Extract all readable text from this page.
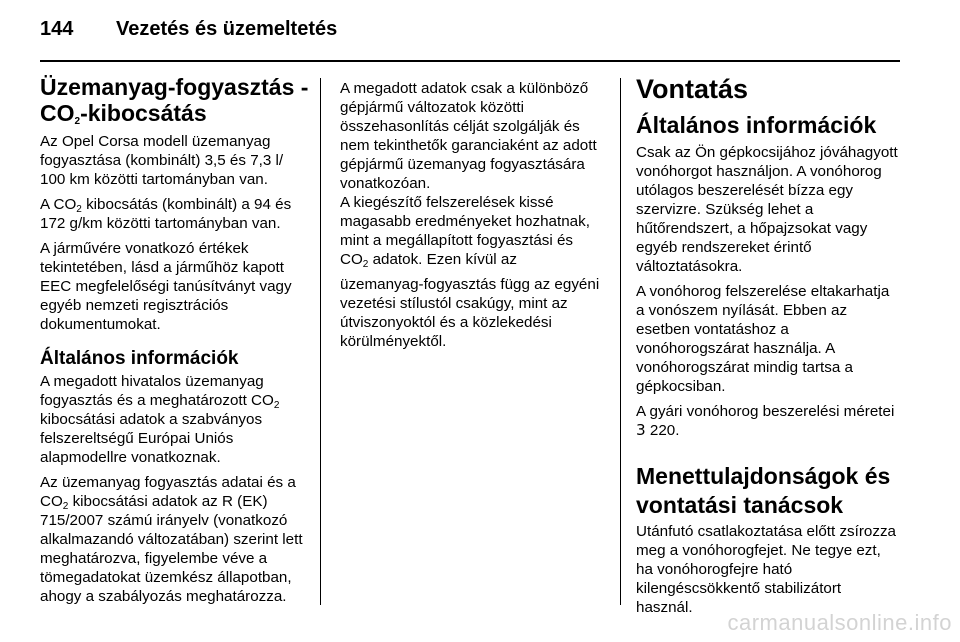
144 Vezetés és üzemeltetés
Üzemanyag-fogyasztás -
$CO_2$-kibocsátás

Az Opel Corsa modell üzemanyag fogyasztása (kombinált) 3,5 és 7,3 l/ 100 km közötti tartományban van.

A $CO_2$ kibocsátás (kombinált) a 94 és 172 g/km közötti tartományban van.

A járművére vonatkozó értékek tekintetében, lásd a járműhöz kapott EEC megfelelőségi tanúsítványt vagy egyéb nemzeti regisztrációs dokumentumokat.

Általános információk

A megadott hivatalos üzemanyag fogyasztás és a meghatározott $CO_2$ kibocsátási adatok a szabványos felszereltségű Európai Uniós alapmodellre vonatkoznak.

Az üzemanyag fogyasztás adatai és a $CO_2$ kibocsátási adatok az R (EK) 715/2007 számú irányelv (vonatkozó alkalmazandó változatában) szerint lett meghatározva, figyelembe véve a tömegadatokat üzemkész állapotban, ahogy a szabályozás meghatározza.

A megadott adatok csak a különböző gépjármű változatok közötti összehasonlítás célját szolgálják és nem tekinthetők garanciaként az adott gépjármű üzemanyag fogyasztására vonatkozóan.

A kiegészítő felszerelések kissé magasabb eredményeket hozhatnak, mint a megállapított fogyasztási és $CO_2$ adatok. Ezen kívül az

üzemanyag-fogyasztás függ az egyéni vezetési stílustól csakúgy, mint az útviszonyoktól és a közlekedési körülményektől.

Vontatás
Általános információk

Csak az Ön gépkocsijához jóváhagyott vonóhorgot használjon. A vonóhorog utólagos beszerelését bízza egy szervizre. Szükség lehet a hűtőrendszert, a hőpajzsokat vagy egyéb rendszereket érintő változtatásokra.

A vonóhorog felszerelése eltakarhatja a vonószem nyílását. Ebben az esetben vontatáshoz a vonóhorogszárat használja. A vonóhorogszárat mindig tartsa a gépkocsiban.

A gyári vonóhorog beszerelési méretei 3 220.

Menettulajdonságok és vontatási tanácsok

Utánfutó csatlakoztatása előtt zsírozza meg a vonóhorogfejet. Ne tegye ezt, ha vonóhorogfejre ható kilengéscsökkentő stabilizátort használ.

carmanualsonline.info
